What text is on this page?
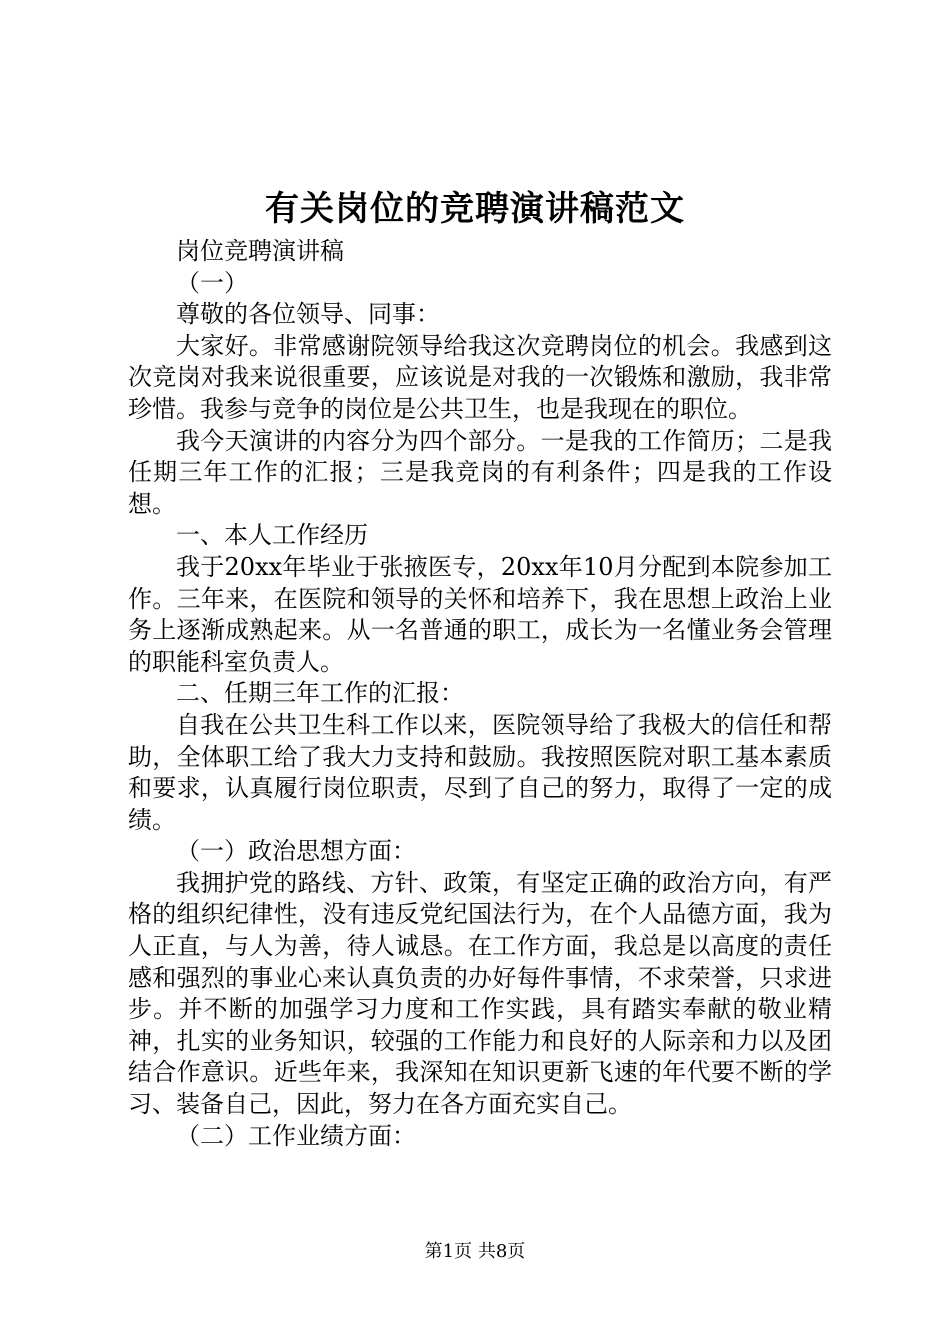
有关岗位的竞聘演讲稿范文

岗位竞聘演讲稿

（一）

尊敬的各位领导、同事：

大家好。非常感谢院领导给我这次竞聘岗位的机会。我感到这次竞岗对我来说很重要，应该说是对我的一次锻炼和激励，我非常珍惜。我参与竞争的岗位是公共卫生，也是我现在的职位。

我今天演讲的内容分为四个部分。一是我的工作简历；二是我任期三年工作的汇报；三是我竞岗的有利条件；四是我的工作设想。

一、本人工作经历

我于20xx年毕业于张掖医专，20xx年10月分配到本院参加工作。三年来，在医院和领导的关怀和培养下，我在思想上政治上业务上逐渐成熟起来。从一名普通的职工，成长为一名懂业务会管理的职能科室负责人。

二、任期三年工作的汇报：

自我在公共卫生科工作以来，医院领导给了我极大的信任和帮助，全体职工给了我大力支持和鼓励。我按照医院对职工基本素质和要求，认真履行岗位职责，尽到了自己的努力，取得了一定的成绩。

（一）政治思想方面：

我拥护党的路线、方针、政策，有坚定正确的政治方向，有严格的组织纪律性，没有违反党纪国法行为，在个人品德方面，我为人正直，与人为善，待人诚恳。在工作方面，我总是以高度的责任感和强烈的事业心来认真负责的办好每件事情，不求荣誉，只求进步。并不断的加强学习力度和工作实践，具有踏实奉献的敬业精神，扎实的业务知识，较强的工作能力和良好的人际亲和力以及团结合作意识。近些年来，我深知在知识更新飞速的年代要不断的学习、装备自己，因此，努力在各方面充实自己。

（二）工作业绩方面：

第1页 共8页
